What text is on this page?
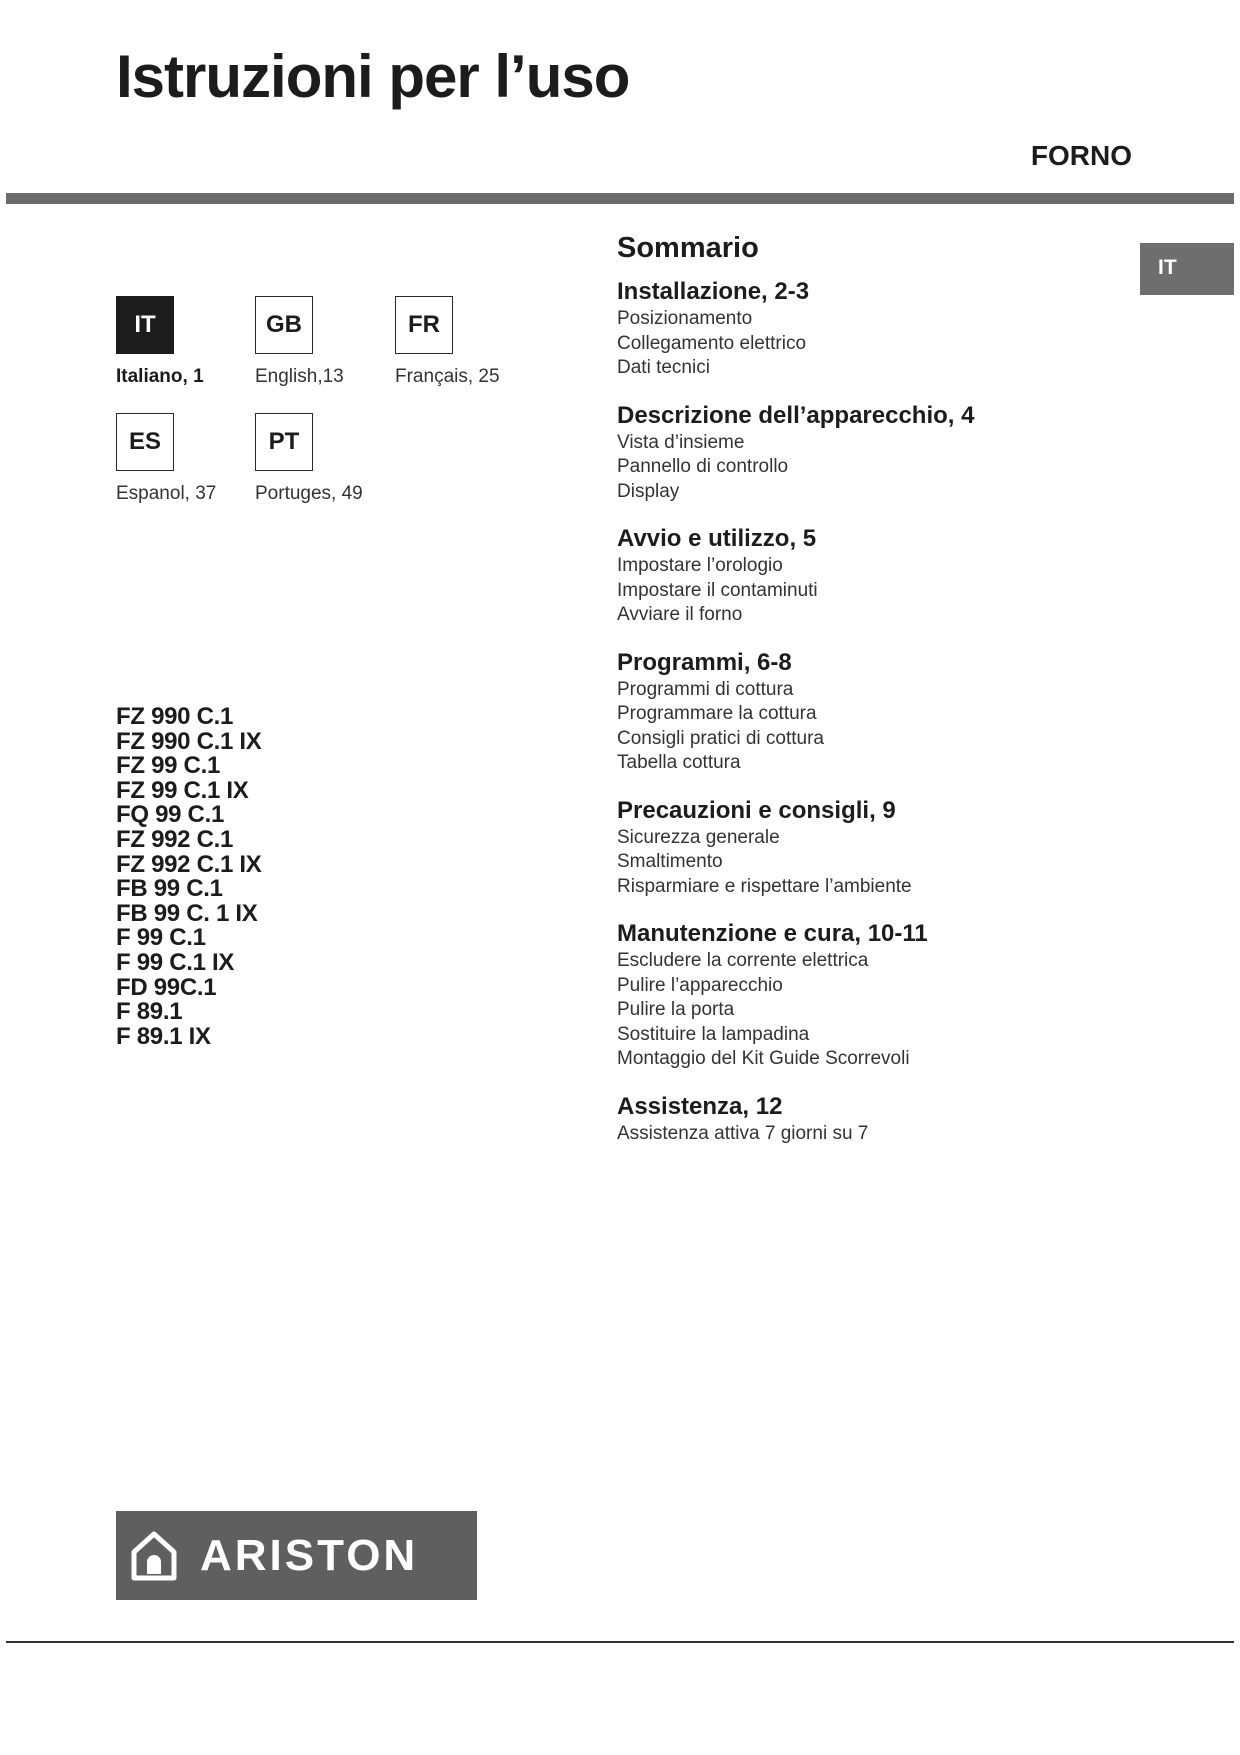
Istruzioni per l’uso
FORNO
IT
IT
Italiano, 1
GB
English,13
FR
Français, 25
ES
Espanol, 37
PT
Portuges, 49
FZ 990 C.1
FZ 990 C.1 IX
FZ 99 C.1
FZ 99 C.1 IX
FQ 99 C.1
FZ 992 C.1
FZ 992 C.1 IX
FB 99 C.1
FB 99 C. 1 IX
F 99 C.1
F 99 C.1 IX
FD 99C.1
F 89.1
F 89.1 IX
Sommario
Installazione, 2-3
Posizionamento
Collegamento elettrico
Dati tecnici
Descrizione dell’apparecchio, 4
Vista d’insieme
Pannello di controllo
Display
Avvio e utilizzo, 5
Impostare l’orologio
Impostare il contaminuti
Avviare il forno
Programmi, 6-8
Programmi di cottura
Programmare la cottura
Consigli pratici di cottura
Tabella cottura
Precauzioni e consigli, 9
Sicurezza generale
Smaltimento
Risparmiare e rispettare l’ambiente
Manutenzione e cura, 10-11
Escludere la corrente elettrica
Pulire l’apparecchio
Pulire la porta
Sostituire la lampadina
Montaggio del Kit Guide Scorrevoli
Assistenza, 12
Assistenza attiva 7 giorni su 7
ARISTON
